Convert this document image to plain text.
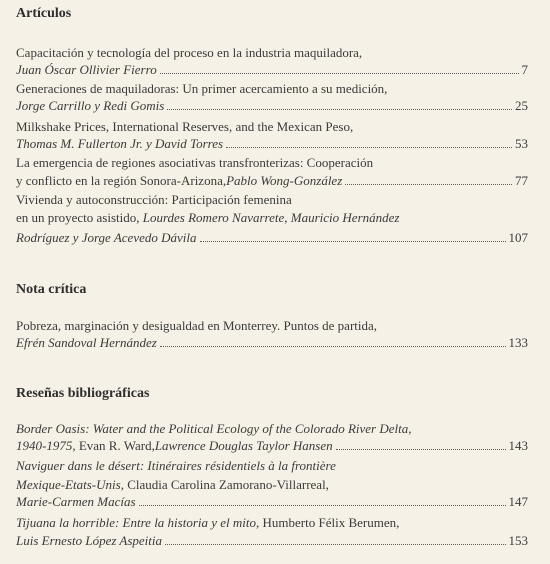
Artículos
Capacitación y tecnología del proceso en la industria maquiladora,
Juan Óscar Ollivier Fierro	7
Generaciones de maquiladoras: Un primer acercamiento a su medición,
Jorge Carrillo y Redi Gomis	25
Milkshake Prices, International Reserves, and the Mexican Peso,
Thomas M. Fullerton Jr. y David Torres	53
La emergencia de regiones asociativas transfronterizas: Cooperación
y conflicto en la región Sonora-Arizona, Pablo Wong-González	77
Vivienda y autoconstrucción: Participación femenina
en un proyecto asistido, Lourdes Romero Navarrete, Mauricio Hernández
Rodríguez y Jorge Acevedo Dávila	107
Nota crítica
Pobreza, marginación y desigualdad en Monterrey. Puntos de partida,
Efrén Sandoval Hernández	133
Reseñas bibliográficas
Border Oasis: Water and the Political Ecology of the Colorado River Delta,
1940-1975 , Evan R. Ward, Lawrence Douglas Taylor Hansen	143
Naviguer dans le désert: Itinéraires résidentiels à la frontière
Mexique-Etats-Unis, Claudia Carolina Zamorano-Villarreal,
Marie-Carmen Macías	147
Tijuana la horrible: Entre la historia y el mito, Humberto Félix Berumen,
Luis Ernesto López Aspeitia	153
